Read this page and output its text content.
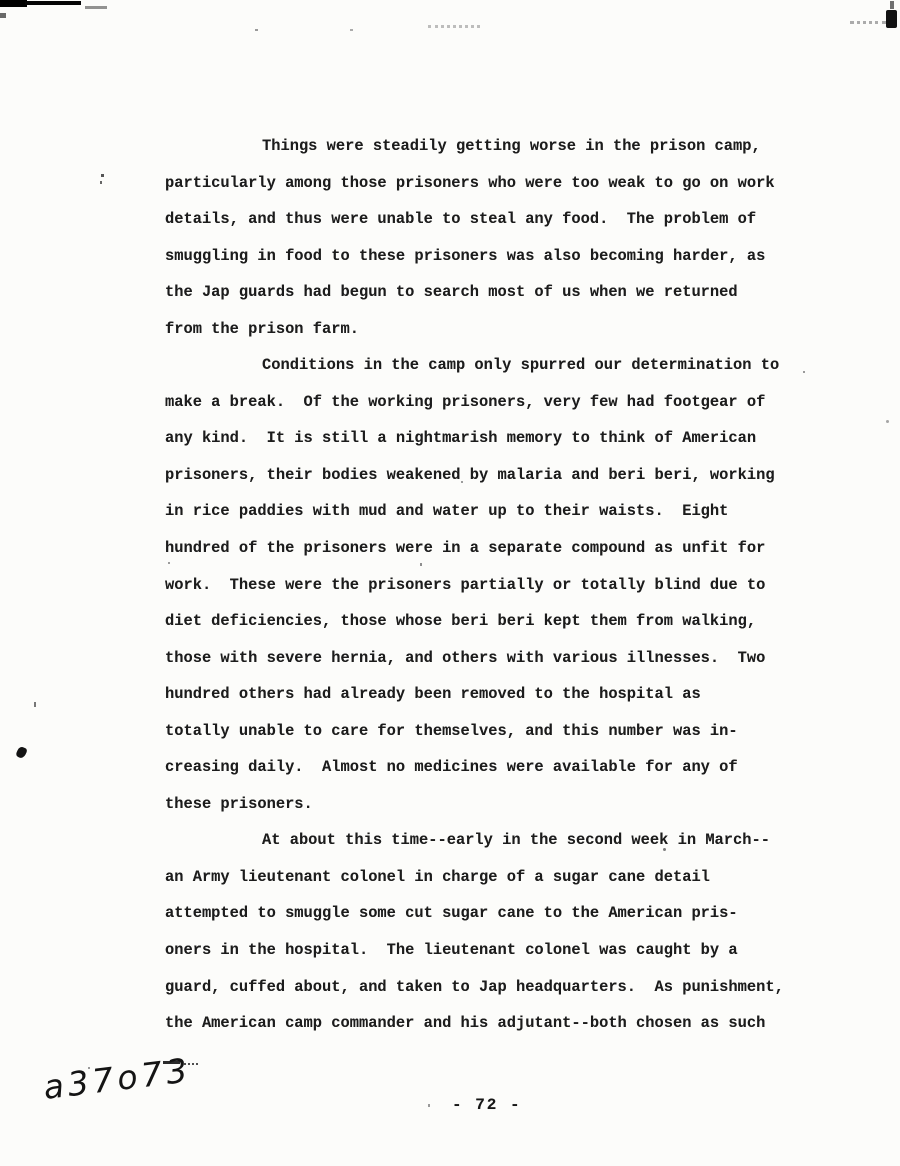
Things were steadily getting worse in the prison camp,
particularly among those prisoners who were too weak to go on work
details, and thus were unable to steal any food.  The problem of
smuggling in food to these prisoners was also becoming harder, as
the Jap guards had begun to search most of us when we returned
from the prison farm.
Conditions in the camp only spurred our determination to
make a break.  Of the working prisoners, very few had footgear of
any kind.  It is still a nightmarish memory to think of American
prisoners, their bodies weakened by malaria and beri beri, working
in rice paddies with mud and water up to their waists.  Eight
hundred of the prisoners were in a separate compound as unfit for
work.  These were the prisoners partially or totally blind due to
diet deficiencies, those whose beri beri kept them from walking,
those with severe hernia, and others with various illnesses.  Two
hundred others had already been removed to the hospital as
totally unable to care for themselves, and this number was in-
creasing daily.  Almost no medicines were available for any of
these prisoners.
At about this time--early in the second week in March--
an Army lieutenant colonel in charge of a sugar cane detail
attempted to smuggle some cut sugar cane to the American pris-
oners in the hospital.  The lieutenant colonel was caught by a
guard, cuffed about, and taken to Jap headquarters.  As punishment,
the American camp commander and his adjutant--both chosen as such
a37o73	- 72 -
